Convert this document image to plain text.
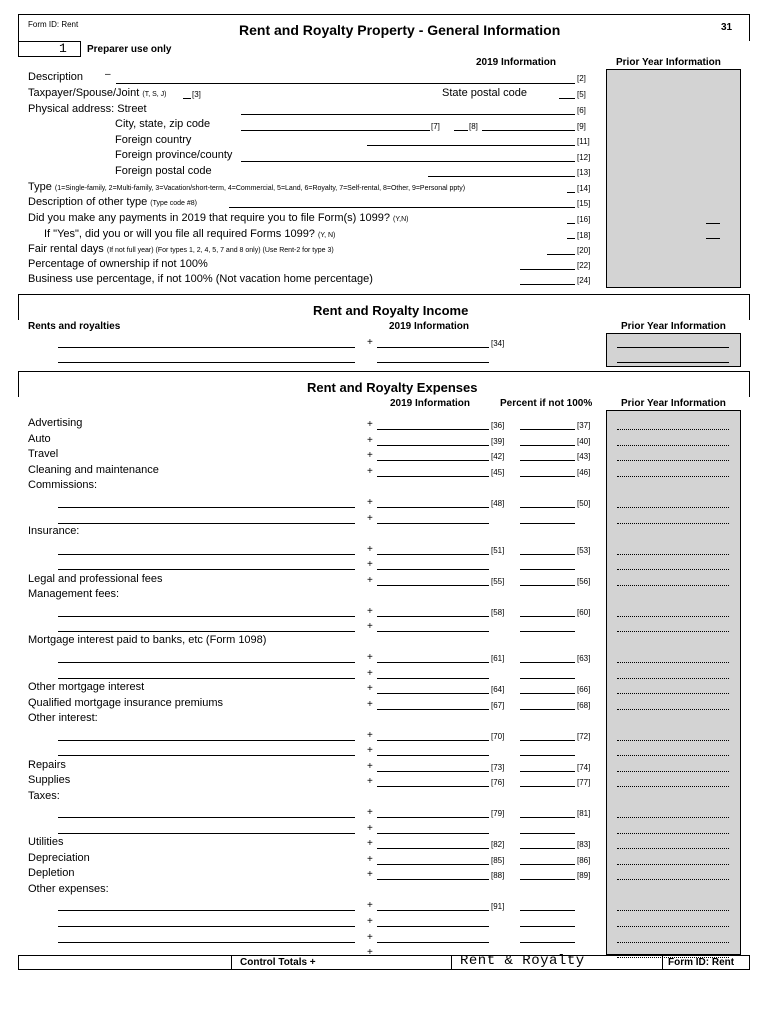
Form ID: Rent	Rent and Royalty Property - General Information	31
1 Preparer use only
2019 Information	Prior Year Information
Description –	[2]
Taxpayer/Spouse/Joint (T, S, J)	[3]	State postal code	[5]
Physical address: Street	[6]
City, state, zip code	[7]	[8]	[9]
Foreign country	[11]
Foreign province/county	[12]
Foreign postal code	[13]
Type (1=Single-family, 2=Multi-family, 3=Vacation/short-term, 4=Commercial, 5=Land, 6=Royalty, 7=Self-rental, 8=Other, 9=Personal ppty)	[14]
Description of other type (Type code #8)	[15]
Did you make any payments in 2019 that require you to file Form(s) 1099? (Y,N)	[16]
If "Yes", did you or will you file all required Forms 1099? (Y, N)	[18]
Fair rental days (If not full year) (For types 1, 2, 4, 5, 7 and 8 only) (Use Rent-2 for type 3)	[20]
Percentage of ownership if not 100%	[22]
Business use percentage, if not 100% (Not vacation home percentage)	[24]
Rent and Royalty Income
Rents and royalties	2019 Information	Prior Year Information
+	[34]
Rent and Royalty Expenses
2019 Information	Percent if not 100%	Prior Year Information
Advertising	+	[36]	[37]
Auto	+	[39]	[40]
Travel	+	[42]	[43]
Cleaning and maintenance	+	[45]	[46]
Commissions:
+	[48]	[50]
+
Insurance:
+	[51]	[53]
+
Legal and professional fees	+	[55]	[56]
Management fees:
+	[58]	[60]
+
Mortgage interest paid to banks, etc (Form 1098)
+	[61]	[63]
+
Other mortgage interest	+	[64]	[66]
Qualified mortgage insurance premiums	+	[67]	[68]
Other interest:
+	[70]	[72]
+
Repairs	+	[73]	[74]
Supplies	+	[76]	[77]
Taxes:
+	[79]	[81]
+
Utilities	+	[82]	[83]
Depreciation	+	[85]	[86]
Depletion	+	[88]	[89]
Other expenses:
+	[91]
+
+
+
Control Totals +	Rent & Royalty	Form ID: Rent
